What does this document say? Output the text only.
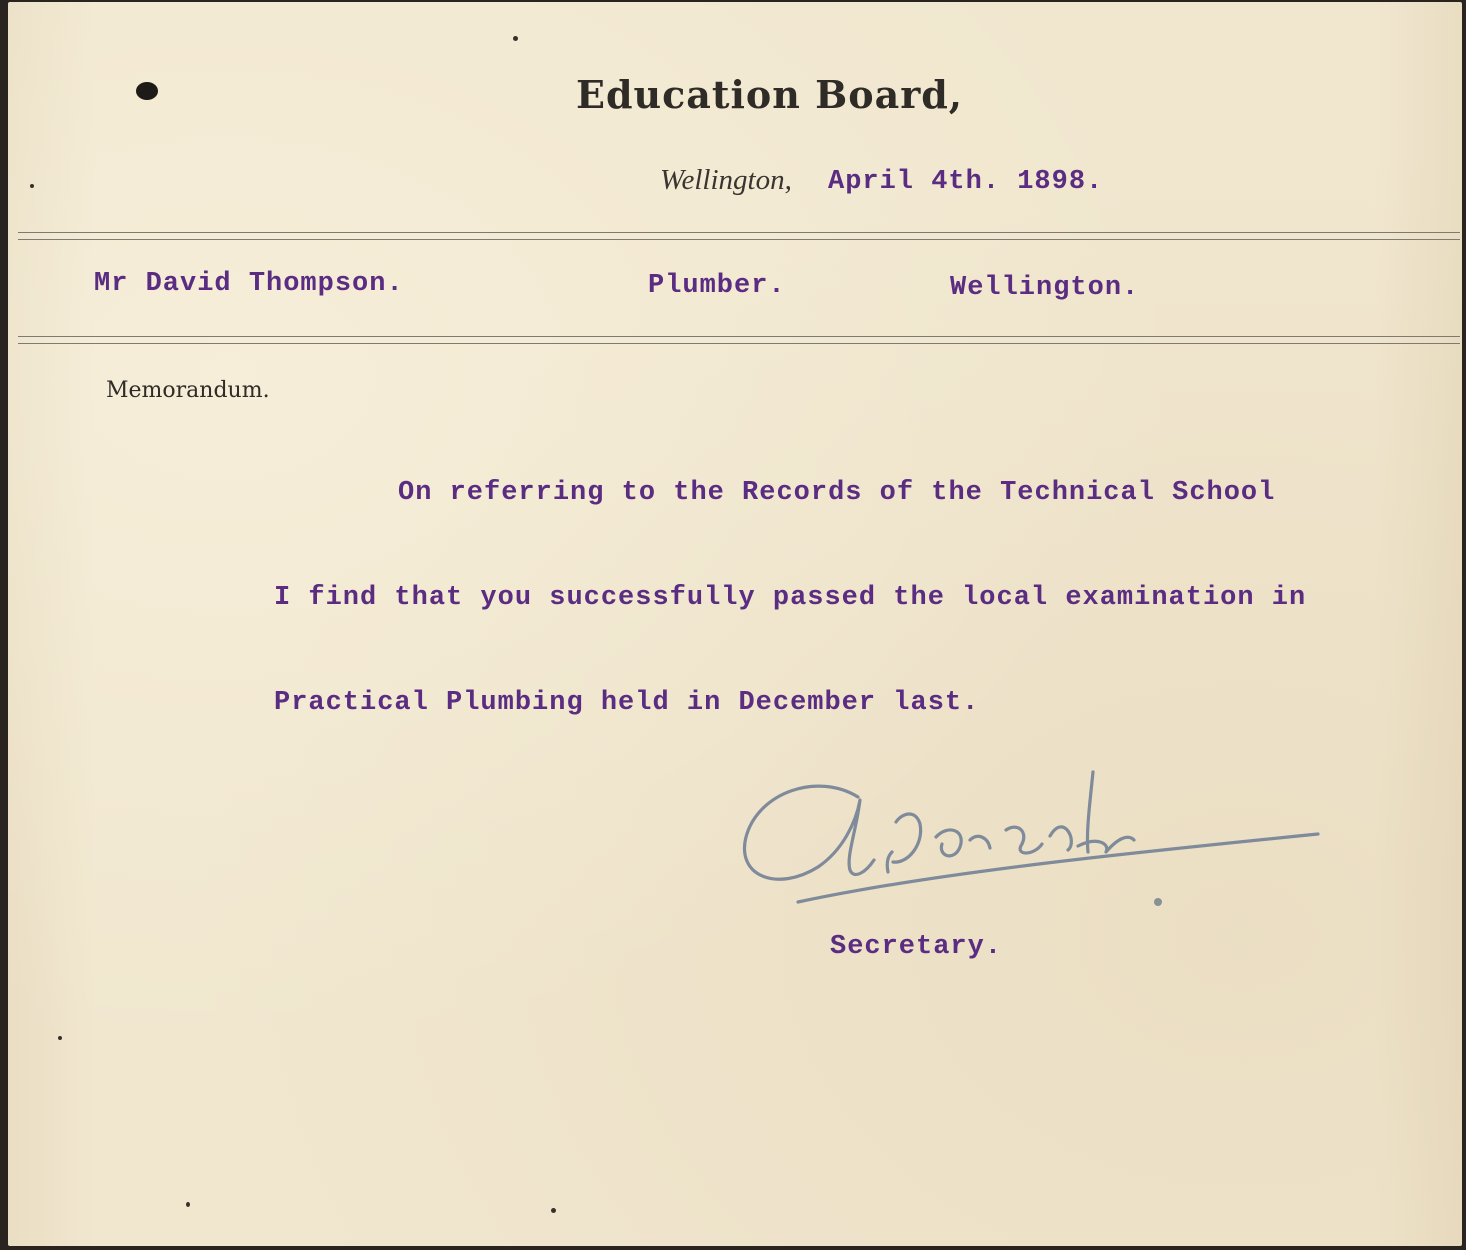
Education Board,
Wellington, April 4th. 1898.
Mr David Thompson.	Plumber.	Wellington.
Memorandum.
On referring to the Records of the Technical School
I find that you successfully passed the local examination in
Practical Plumbing held in December last.
Secretary.
